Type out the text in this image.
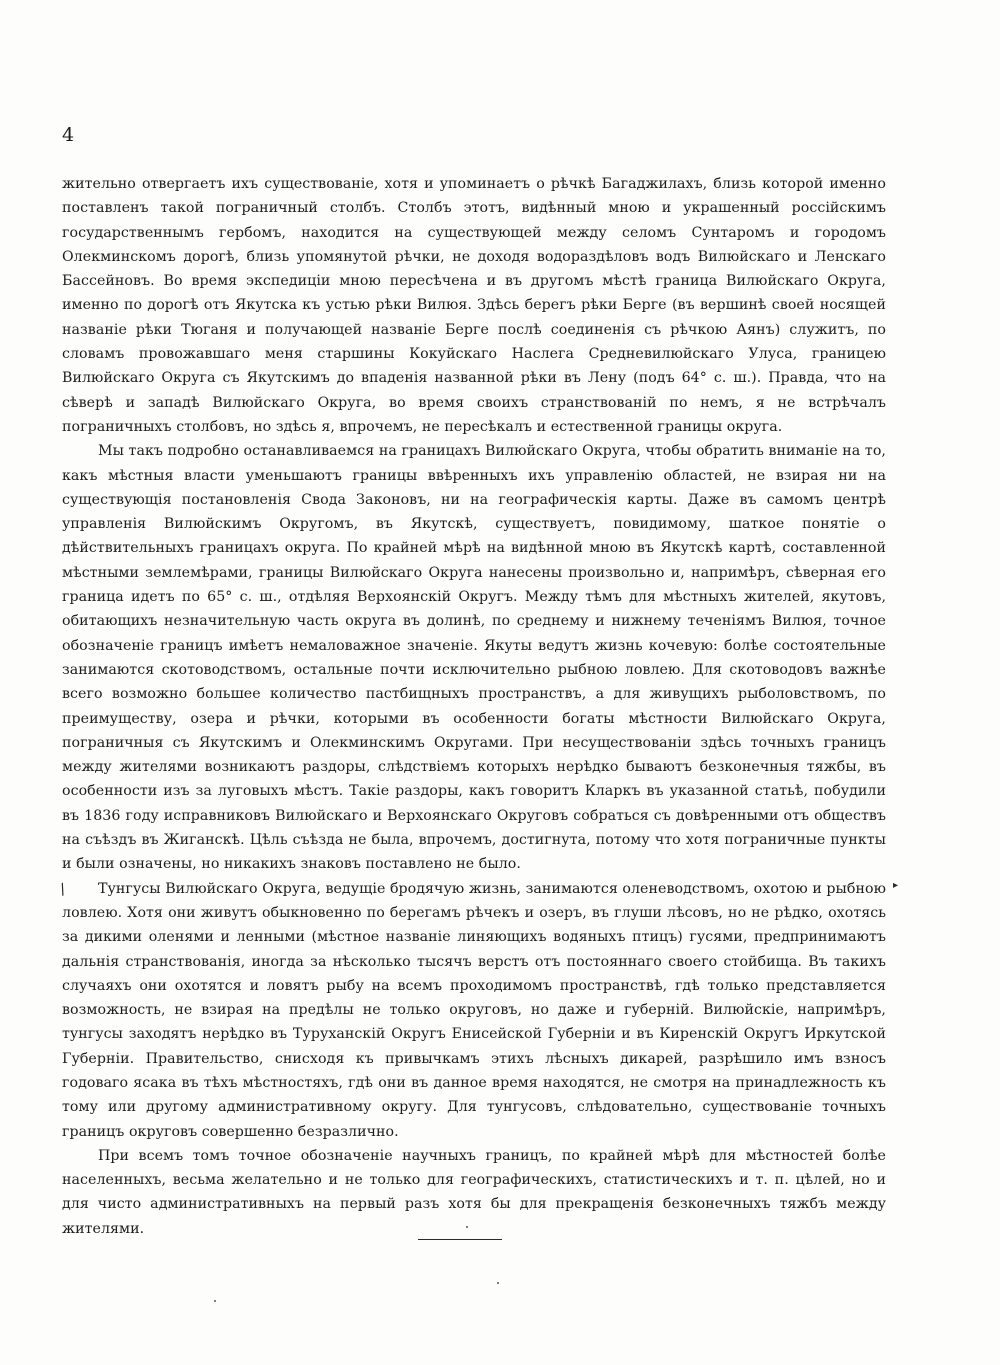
4

жительно отвергаетъ ихъ существованіе, хотя и упоминаетъ о рѣчкѣ Багаджилахъ, близь которой именно поставленъ такой пограничный столбъ. Столбъ этотъ, видѣнный мною и украшенный россійскимъ государственнымъ гербомъ, находится на существующей между селомъ Сунтаромъ и городомъ Олекминскомъ дорогѣ, близь упомянутой рѣчки, не доходя водораздѣловъ водъ Вилюйскаго и Ленскаго Бассейновъ. Во время экспедиціи мною пересѣчена и въ другомъ мѣстѣ граница Вилюйскаго Округа, именно по дорогѣ отъ Якутска къ устью рѣки Вилюя. Здѣсь берегъ рѣки Берге (въ вершинѣ своей носящей названіе рѣки Тюганя и получающей названіе Берге послѣ соединенія съ рѣчкою Аянъ) служитъ, по словамъ провожавшаго меня старшины Кокуйскаго Наслега Средневилюйскаго Улуса, границею Вилюйскаго Округа съ Якутскимъ до впаденія названной рѣки въ Лену (подъ 64° с. ш.). Правда, что на сѣверѣ и западѣ Вилюйскаго Округа, во время своихъ странствованій по немъ, я не встрѣчалъ пограничныхъ столбовъ, но здѣсь я, впрочемъ, не пересѣкалъ и естественной границы округа.

Мы такъ подробно останавливаемся на границахъ Вилюйскаго Округа, чтобы обратить вниманіе на то, какъ мѣстныя власти уменьшаютъ границы ввѣренныхъ ихъ управленію областей, не взирая ни на существующія постановленія Свода Законовъ, ни на географическія карты. Даже въ самомъ центрѣ управленія Вилюйскимъ Округомъ, въ Якутскѣ, существуетъ, повидимому, шаткое понятіе о дѣйствительныхъ границахъ округа. По крайней мѣрѣ на видѣнной мною въ Якутскѣ картѣ, составленной мѣстными землемѣрами, границы Вилюйскаго Округа нанесены произвольно и, напримѣръ, сѣверная его граница идетъ по 65° с. ш., отдѣляя Верхоянскій Округъ. Между тѣмъ для мѣстныхъ жителей, якутовъ, обитающихъ незначительную часть округа въ долинѣ, по среднему и нижнему теченіямъ Вилюя, точное обозначеніе границъ имѣетъ немаловажное значеніе. Якуты ведутъ жизнь кочевую: болѣе состоятельные занимаются скотоводствомъ, остальные почти исключительно рыбною ловлею. Для скотоводовъ важнѣе всего возможно большее количество пастбищныхъ пространствъ, а для живущихъ рыболовствомъ, по преимуществу, озера и рѣчки, которыми въ особенности богаты мѣстности Вилюйскаго Округа, пограничныя съ Якутскимъ и Олекминскимъ Округами. При несуществованіи здѣсь точныхъ границъ между жителями возникаютъ раздоры, слѣдствіемъ которыхъ нерѣдко бываютъ безконечныя тяжбы, въ особенности изъ за луговыхъ мѣстъ. Такіе раздоры, какъ говоритъ Кларкъ въ указанной статьѣ, побудили въ 1836 году исправниковъ Вилюйскаго и Верхоянскаго Округовъ собраться съ довѣренными отъ обществъ на съѣздъ въ Жиганскѣ. Цѣль съѣзда не была, впрочемъ, достигнута, потому что хотя пограничные пункты и были означены, но никакихъ знаковъ поставлено не было.

Тунгусы Вилюйскаго Округа, ведущіе бродячую жизнь, занимаются оленеводствомъ, охотою и рыбною ловлею. Хотя они живутъ обыкновенно по берегамъ рѣчекъ и озеръ, въ глуши лѣсовъ, но не рѣдко, охотясь за дикими оленями и ленными (мѣстное названіе линяющихъ водяныхъ птицъ) гусями, предпринимаютъ дальнія странствованія, иногда за нѣсколько тысячъ верстъ отъ постояннаго своего стойбища. Въ такихъ случаяхъ они охотятся и ловятъ рыбу на всемъ проходимомъ пространствѣ, гдѣ только представляется возможность, не взирая на предѣлы не только округовъ, но даже и губерній. Вилюйскіе, напримѣръ, тунгусы заходятъ нерѣдко въ Туруханскій Округъ Енисейской Губерніи и въ Киренскій Округъ Иркутской Губерніи. Правительство, снисходя къ привычкамъ этихъ лѣсныхъ дикарей, разрѣшило имъ взносъ годоваго ясака въ тѣхъ мѣстностяхъ, гдѣ они въ данное время находятся, не смотря на принадлежность къ тому или другому административному округу. Для тунгусовъ, слѣдовательно, существованіе точныхъ границъ округовъ совершенно безразлично.

При всемъ томъ точное обозначеніе научныхъ границъ, по крайней мѣрѣ для мѣстностей болѣе населенныхъ, весьма желательно и не только для географическихъ, статистическихъ и т. п. цѣлей, но и для чисто административныхъ на первый разъ хотя бы для прекращенія безконечныхъ тяжбъ между жителями.

/	▸
